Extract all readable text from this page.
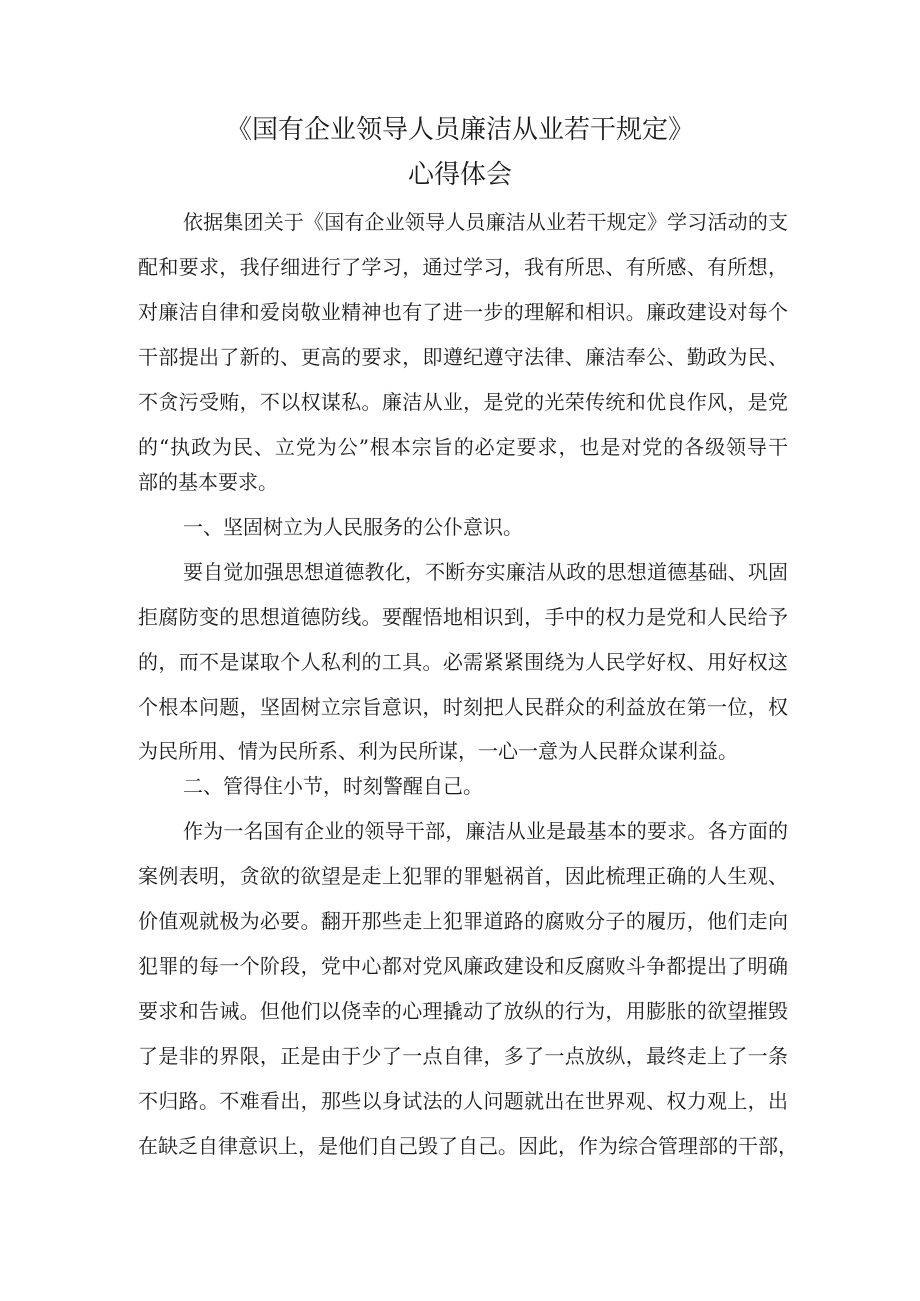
《国有企业领导人员廉洁从业若干规定》
心得体会
依据集团关于《国有企业领导人员廉洁从业若干规定》学习活动的支
配和要求，我仔细进行了学习，通过学习，我有所思、有所感、有所想，
对廉洁自律和爱岗敬业精神也有了进一步的理解和相识。廉政建设对每个
干部提出了新的、更高的要求，即遵纪遵守法律、廉洁奉公、勤政为民、
不贪污受贿，不以权谋私。廉洁从业，是党的光荣传统和优良作风，是党
的“执政为民、立党为公”根本宗旨的必定要求，也是对党的各级领导干
部的基本要求。
一、坚固树立为人民服务的公仆意识。
要自觉加强思想道德教化，不断夯实廉洁从政的思想道德基础、巩固
拒腐防变的思想道德防线。要醒悟地相识到，手中的权力是党和人民给予
的，而不是谋取个人私利的工具。必需紧紧围绕为人民学好权、用好权这
个根本问题，坚固树立宗旨意识，时刻把人民群众的利益放在第一位，权
为民所用、情为民所系、利为民所谋，一心一意为人民群众谋利益。
二、管得住小节，时刻警醒自己。
作为一名国有企业的领导干部，廉洁从业是最基本的要求。各方面的
案例表明，贪欲的欲望是走上犯罪的罪魁祸首，因此梳理正确的人生观、
价值观就极为必要。翻开那些走上犯罪道路的腐败分子的履历，他们走向
犯罪的每一个阶段，党中心都对党风廉政建设和反腐败斗争都提出了明确
要求和告诫。但他们以侥幸的心理撬动了放纵的行为，用膨胀的欲望摧毁
了是非的界限，正是由于少了一点自律，多了一点放纵，最终走上了一条
不归路。不难看出，那些以身试法的人问题就出在世界观、权力观上，出
在缺乏自律意识上，是他们自己毁了自己。因此，作为综合管理部的干部，
